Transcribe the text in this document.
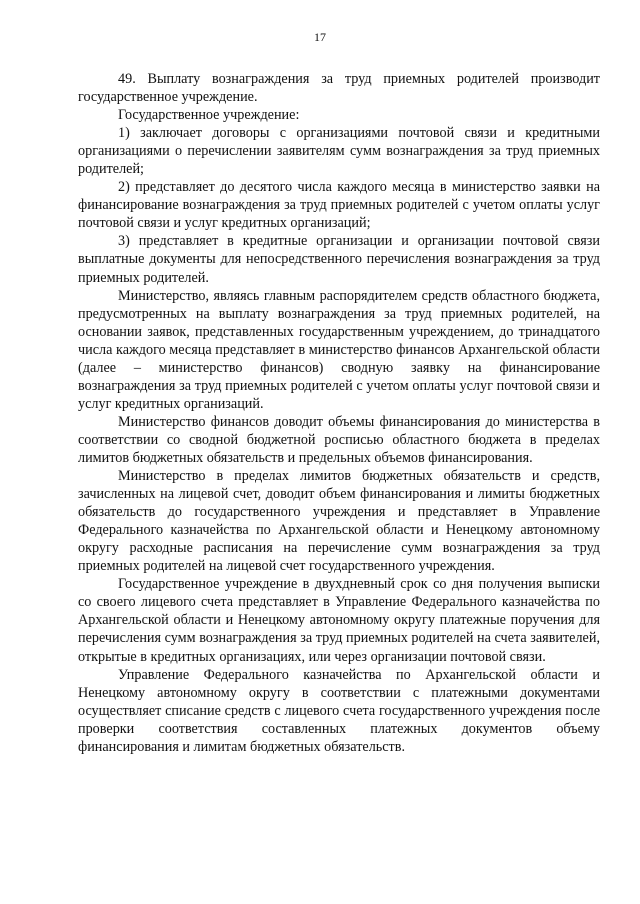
17

49. Выплату вознаграждения за труд приемных родителей производит государственное учреждение.

Государственное учреждение:

1) заключает договоры с организациями почтовой связи и кредитными организациями о перечислении заявителям сумм вознаграждения за труд приемных родителей;

2) представляет до десятого числа каждого месяца в министерство заявки на финансирование вознаграждения за труд приемных родителей с учетом оплаты услуг почтовой связи и услуг кредитных организаций;

3) представляет в кредитные организации и организации почтовой связи выплатные документы для непосредственного перечисления вознаграждения за труд приемных родителей.

Министерство, являясь главным распорядителем средств областного бюджета, предусмотренных на выплату вознаграждения за труд приемных родителей, на основании заявок, представленных государственным учреждением, до тринадцатого числа каждого месяца представляет в министерство финансов Архангельской области (далее – министерство финансов) сводную заявку на финансирование вознаграждения за труд приемных родителей с учетом оплаты услуг почтовой связи и услуг кредитных организаций.

Министерство финансов доводит объемы финансирования до министерства в соответствии со сводной бюджетной росписью областного бюджета в пределах лимитов бюджетных обязательств и предельных объемов финансирования.

Министерство в пределах лимитов бюджетных обязательств и средств, зачисленных на лицевой счет, доводит объем финансирования и лимиты бюджетных обязательств до государственного учреждения и представляет в Управление Федерального казначейства по Архангельской области и Ненецкому автономному округу расходные расписания на перечисление сумм вознаграждения за труд приемных родителей на лицевой счет государственного учреждения.

Государственное учреждение в двухдневный срок со дня получения выписки со своего лицевого счета представляет в Управление Федерального казначейства по Архангельской области и Ненецкому автономному округу платежные поручения для перечисления сумм вознаграждения за труд приемных родителей на счета заявителей, открытые в кредитных организациях, или через организации почтовой связи.

Управление Федерального казначейства по Архангельской области и Ненецкому автономному округу в соответствии с платежными документами осуществляет списание средств с лицевого счета государственного учреждения после проверки соответствия составленных платежных документов объему финансирования и лимитам бюджетных обязательств.
